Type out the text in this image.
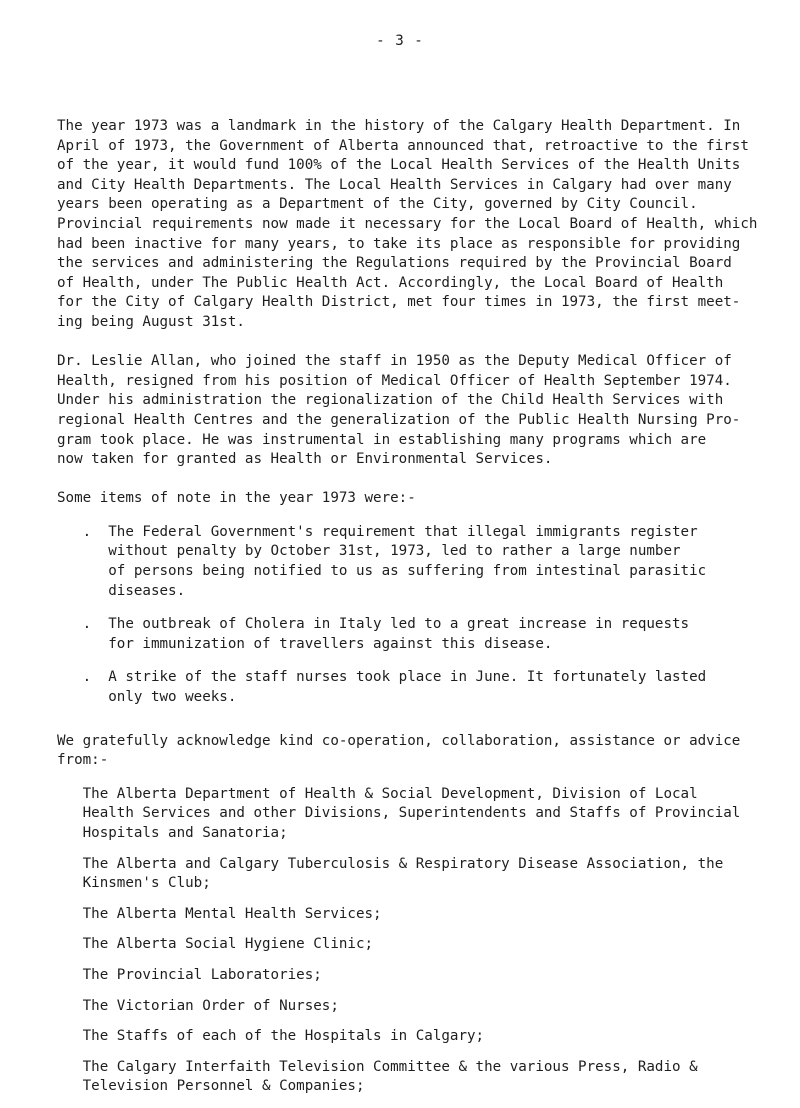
- 3 -

The year 1973 was a landmark in the history of the Calgary Health Department. In
April of 1973, the Government of Alberta announced that, retroactive to the first
of the year, it would fund 100% of the Local Health Services of the Health Units
and City Health Departments. The Local Health Services in Calgary had over many
years been operating as a Department of the City, governed by City Council.
Provincial requirements now made it necessary for the Local Board of Health, which
had been inactive for many years, to take its place as responsible for providing
the services and administering the Regulations required by the Provincial Board
of Health, under The Public Health Act. Accordingly, the Local Board of Health
for the City of Calgary Health District, met four times in 1973, the first meet-
ing being August 31st.

Dr. Leslie Allan, who joined the staff in 1950 as the Deputy Medical Officer of
Health, resigned from his position of Medical Officer of Health September 1974.
Under his administration the regionalization of the Child Health Services with
regional Health Centres and the generalization of the Public Health Nursing Pro-
gram took place. He was instrumental in establishing many programs which are
now taken for granted as Health or Environmental Services.

Some items of note in the year 1973 were:-

.  The Federal Government's requirement that illegal immigrants register
without penalty by October 31st, 1973, led to rather a large number
of persons being notified to us as suffering from intestinal parasitic
diseases.

.  The outbreak of Cholera in Italy led to a great increase in requests
for immunization of travellers against this disease.

.  A strike of the staff nurses took place in June. It fortunately lasted
only two weeks.

We gratefully acknowledge kind co-operation, collaboration, assistance or advice
from:-

The Alberta Department of Health & Social Development, Division of Local
Health Services and other Divisions, Superintendents and Staffs of Provincial
Hospitals and Sanatoria;

The Alberta and Calgary Tuberculosis & Respiratory Disease Association, the
Kinsmen's Club;

The Alberta Mental Health Services;

The Alberta Social Hygiene Clinic;

The Provincial Laboratories;

The Victorian Order of Nurses;

The Staffs of each of the Hospitals in Calgary;

The Calgary Interfaith Television Committee & the various Press, Radio &
Television Personnel & Companies;
